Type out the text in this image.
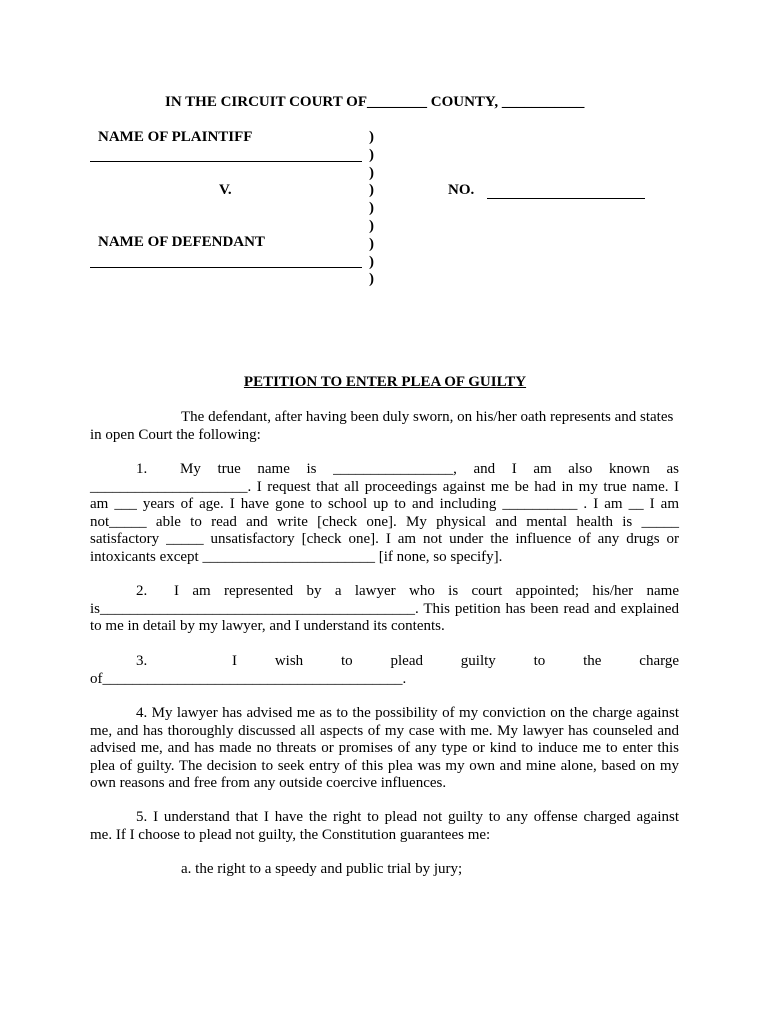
IN THE CIRCUIT COURT OF________ COUNTY, ___________
NAME OF PLAINTIFF
V.
NAME OF DEFENDANT
)
)
)
)
)
)
)
)
)
NO.
PETITION TO ENTER PLEA OF GUILTY
The defendant, after having been duly sworn, on his/her oath represents and states
in open Court the following:
1. My true name is ________________, and I am also known as
_____________________. I request that all proceedings against me be had in my true name. I
am ___ years of age. I have gone to school up to and including __________ . I am __ I am
not_____ able to read and write [check one]. My physical and mental health is _____
satisfactory _____ unsatisfactory [check one]. I am not under the influence of any drugs or
intoxicants except _______________________ [if none, so specify].
2. I am represented by a lawyer who is court appointed; his/her name
is__________________________________________. This petition has been read and explained
to me in detail by my lawyer, and I understand its contents.
3.	I wish to plead guilty to the charge
of________________________________________.
4. My lawyer has advised me as to the possibility of my conviction on the charge against
me, and has thoroughly discussed all aspects of my case with me. My lawyer has counseled and
advised me, and has made no threats or promises of any type or kind to induce me to enter this
plea of guilty. The decision to seek entry of this plea was my own and mine alone, based on my
own reasons and free from any outside coercive influences.
5. I understand that I have the right to plead not guilty to any offense charged against
me. If I choose to plead not guilty, the Constitution guarantees me:
a. the right to a speedy and public trial by jury;
